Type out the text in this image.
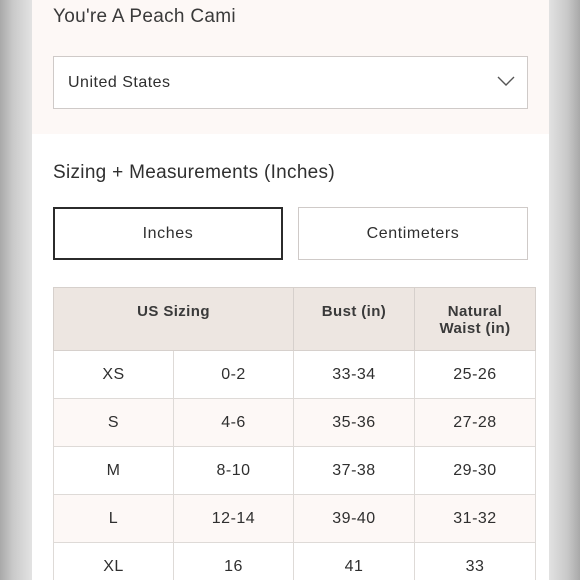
You're A Peach Cami
United States
Sizing + Measurements (Inches)
Inches	Centimeters
US Sizing		Bust (in)	Natural
Waist (in)
XS	0-2	33-34	25-26
S	4-6	35-36	27-28
M	8-10	37-38	29-30
L	12-14	39-40	31-32
XL	16	41	33
